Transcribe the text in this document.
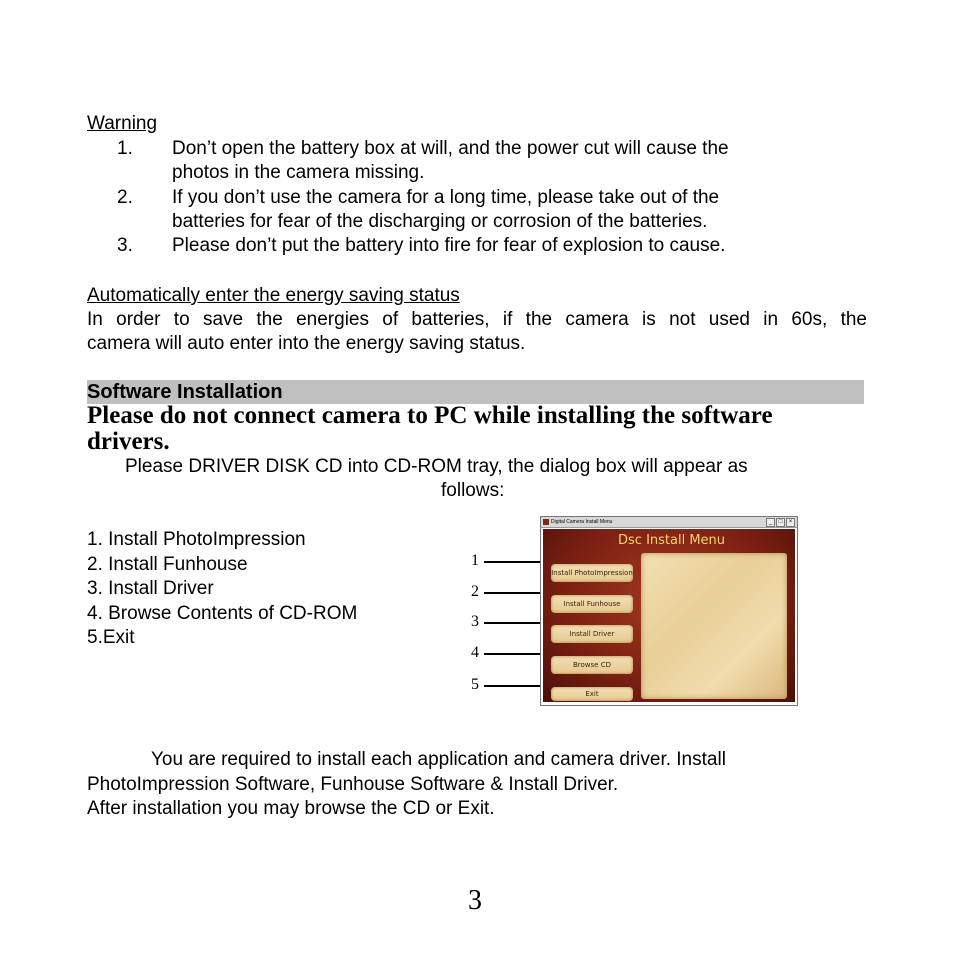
Warning
1.	Don’t open the battery box at will, and the power cut will cause the
photos in the camera missing.
2.	If you don’t use the camera for a long time, please take out of the
batteries for fear of the discharging or corrosion of the batteries.
3.	Please don’t put the battery into fire for fear of explosion to cause.
Automatically enter the energy saving status
In order to save the energies of batteries, if the camera is not used in 60s, the
camera will auto enter into the energy saving status.
Software Installation
Please do not connect camera to PC while installing the software
drivers.
Please DRIVER DISK CD into CD-ROM tray, the dialog box will appear as
follows:
1. Install PhotoImpression
2. Install Funhouse
3. Install Driver
4. Browse Contents of CD-ROM
5.Exit
1
2
3
4
5
Digital Camera Install Menu	_	□	×
Dsc Install Menu
Install PhotoImpression
Install Funhouse
Install Driver
Browse CD
Exit
You are required to install each application and camera driver. Install
PhotoImpression Software, Funhouse Software & Install Driver.
After installation you may browse the CD or Exit.
3
